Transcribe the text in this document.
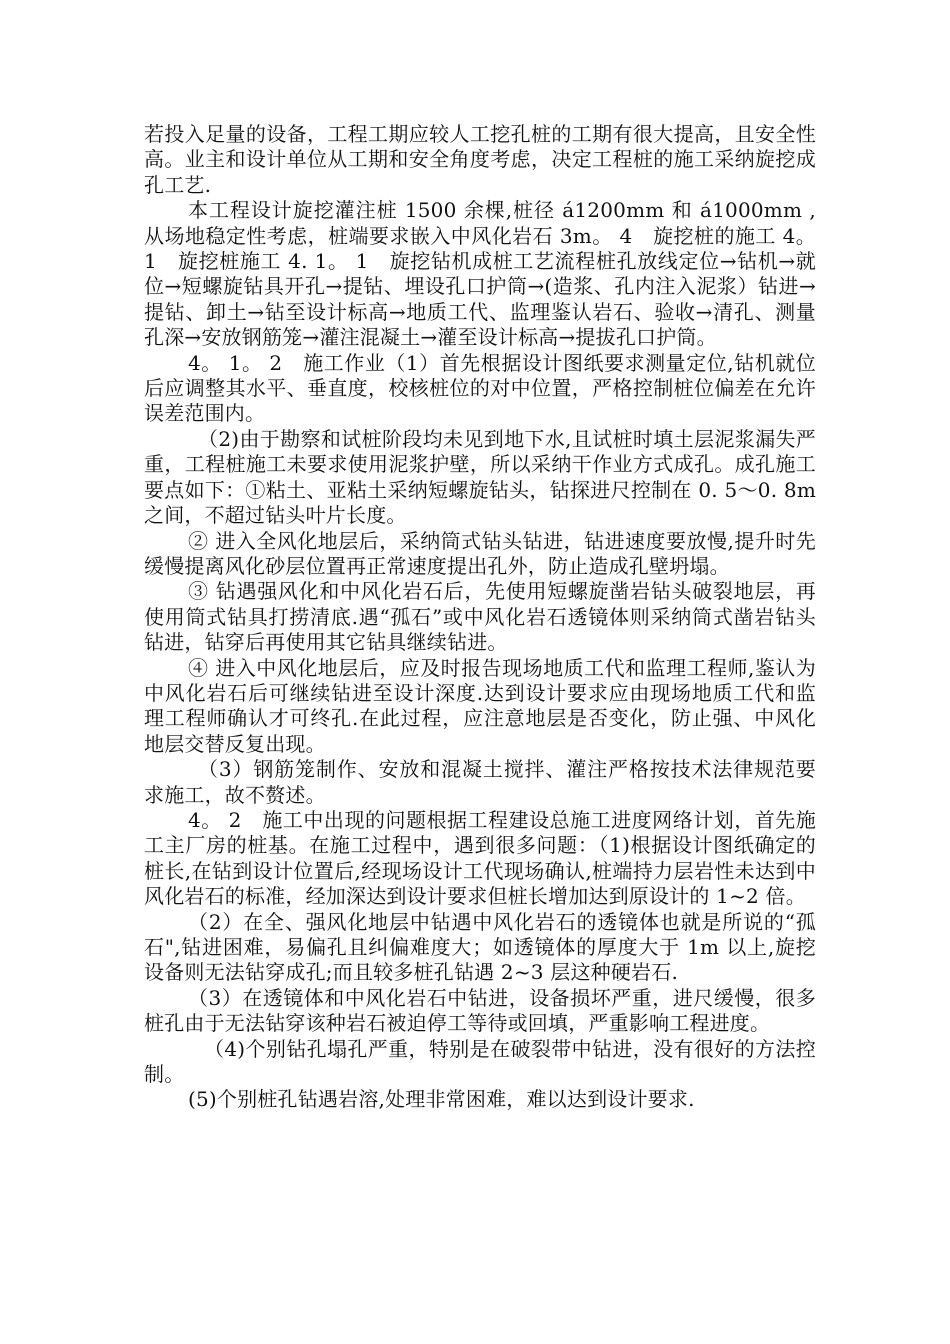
若投入足量的设备，工程工期应较人工挖孔桩的工期有很大提高，且安全性高。业主和设计单位从工期和安全角度考虑，决定工程桩的施工采纳旋挖成孔工艺.

本工程设计旋挖灌注桩 1500 余棵,桩径 á1200mm 和 á1000mm ,从场地稳定性考虑，桩端要求嵌入中风化岩石 3m。 4　旋挖桩的施工 4。 1　旋挖桩施工 4. 1。 1　旋挖钻机成桩工艺流程桩孔放线定位→钻机→就位→短螺旋钻具开孔→提钻、埋设孔口护筒→(造浆、孔内注入泥浆）钻进→提钻、卸土→钻至设计标高→地质工代、监理鉴认岩石、验收→清孔、测量孔深→安放钢筋笼→灌注混凝土→灌至设计标高→提拔孔口护筒。

4。 1。 2　施工作业（1）首先根据设计图纸要求测量定位,钻机就位后应调整其水平、垂直度，校核桩位的对中位置，严格控制桩位偏差在允许误差范围内。

（2)由于勘察和试桩阶段均未见到地下水,且试桩时填土层泥浆漏失严重，工程桩施工未要求使用泥浆护壁，所以采纳干作业方式成孔。成孔施工要点如下：①粘土、亚粘土采纳短螺旋钻头，钻探进尺控制在 0. 5～0. 8m 之间，不超过钻头叶片长度。

② 进入全风化地层后，采纳筒式钻头钻进，钻进速度要放慢,提升时先缓慢提离风化砂层位置再正常速度提出孔外，防止造成孔壁坍塌。

③ 钻遇强风化和中风化岩石后，先使用短螺旋凿岩钻头破裂地层，再使用筒式钻具打捞清底.遇“孤石”或中风化岩石透镜体则采纳筒式凿岩钻头钻进，钻穿后再使用其它钻具继续钻进。

④ 进入中风化地层后，应及时报告现场地质工代和监理工程师,鉴认为中风化岩石后可继续钻进至设计深度.达到设计要求应由现场地质工代和监理工程师确认才可终孔.在此过程，应注意地层是否变化，防止强、中风化地层交替反复出现。

（3）钢筋笼制作、安放和混凝土搅拌、灌注严格按技术法律规范要求施工，故不赘述。

4。 2　施工中出现的问题根据工程建设总施工进度网络计划，首先施工主厂房的桩基。在施工过程中，遇到很多问题：（1)根据设计图纸确定的桩长,在钻到设计位置后,经现场设计工代现场确认,桩端持力层岩性未达到中风化岩石的标准，经加深达到设计要求但桩长增加达到原设计的 1~2 倍。

（2）在全、强风化地层中钻遇中风化岩石的透镜体也就是所说的“孤石",钻进困难，易偏孔且纠偏难度大；如透镜体的厚度大于 1m 以上,旋挖设备则无法钻穿成孔;而且较多桩孔钻遇 2~3 层这种硬岩石.

（3）在透镜体和中风化岩石中钻进，设备损坏严重，进尺缓慢，很多桩孔由于无法钻穿该种岩石被迫停工等待或回填，严重影响工程进度。

（4)个别钻孔塌孔严重，特别是在破裂带中钻进，没有很好的方法控制。

(5)个别桩孔钻遇岩溶,处理非常困难，难以达到设计要求.
